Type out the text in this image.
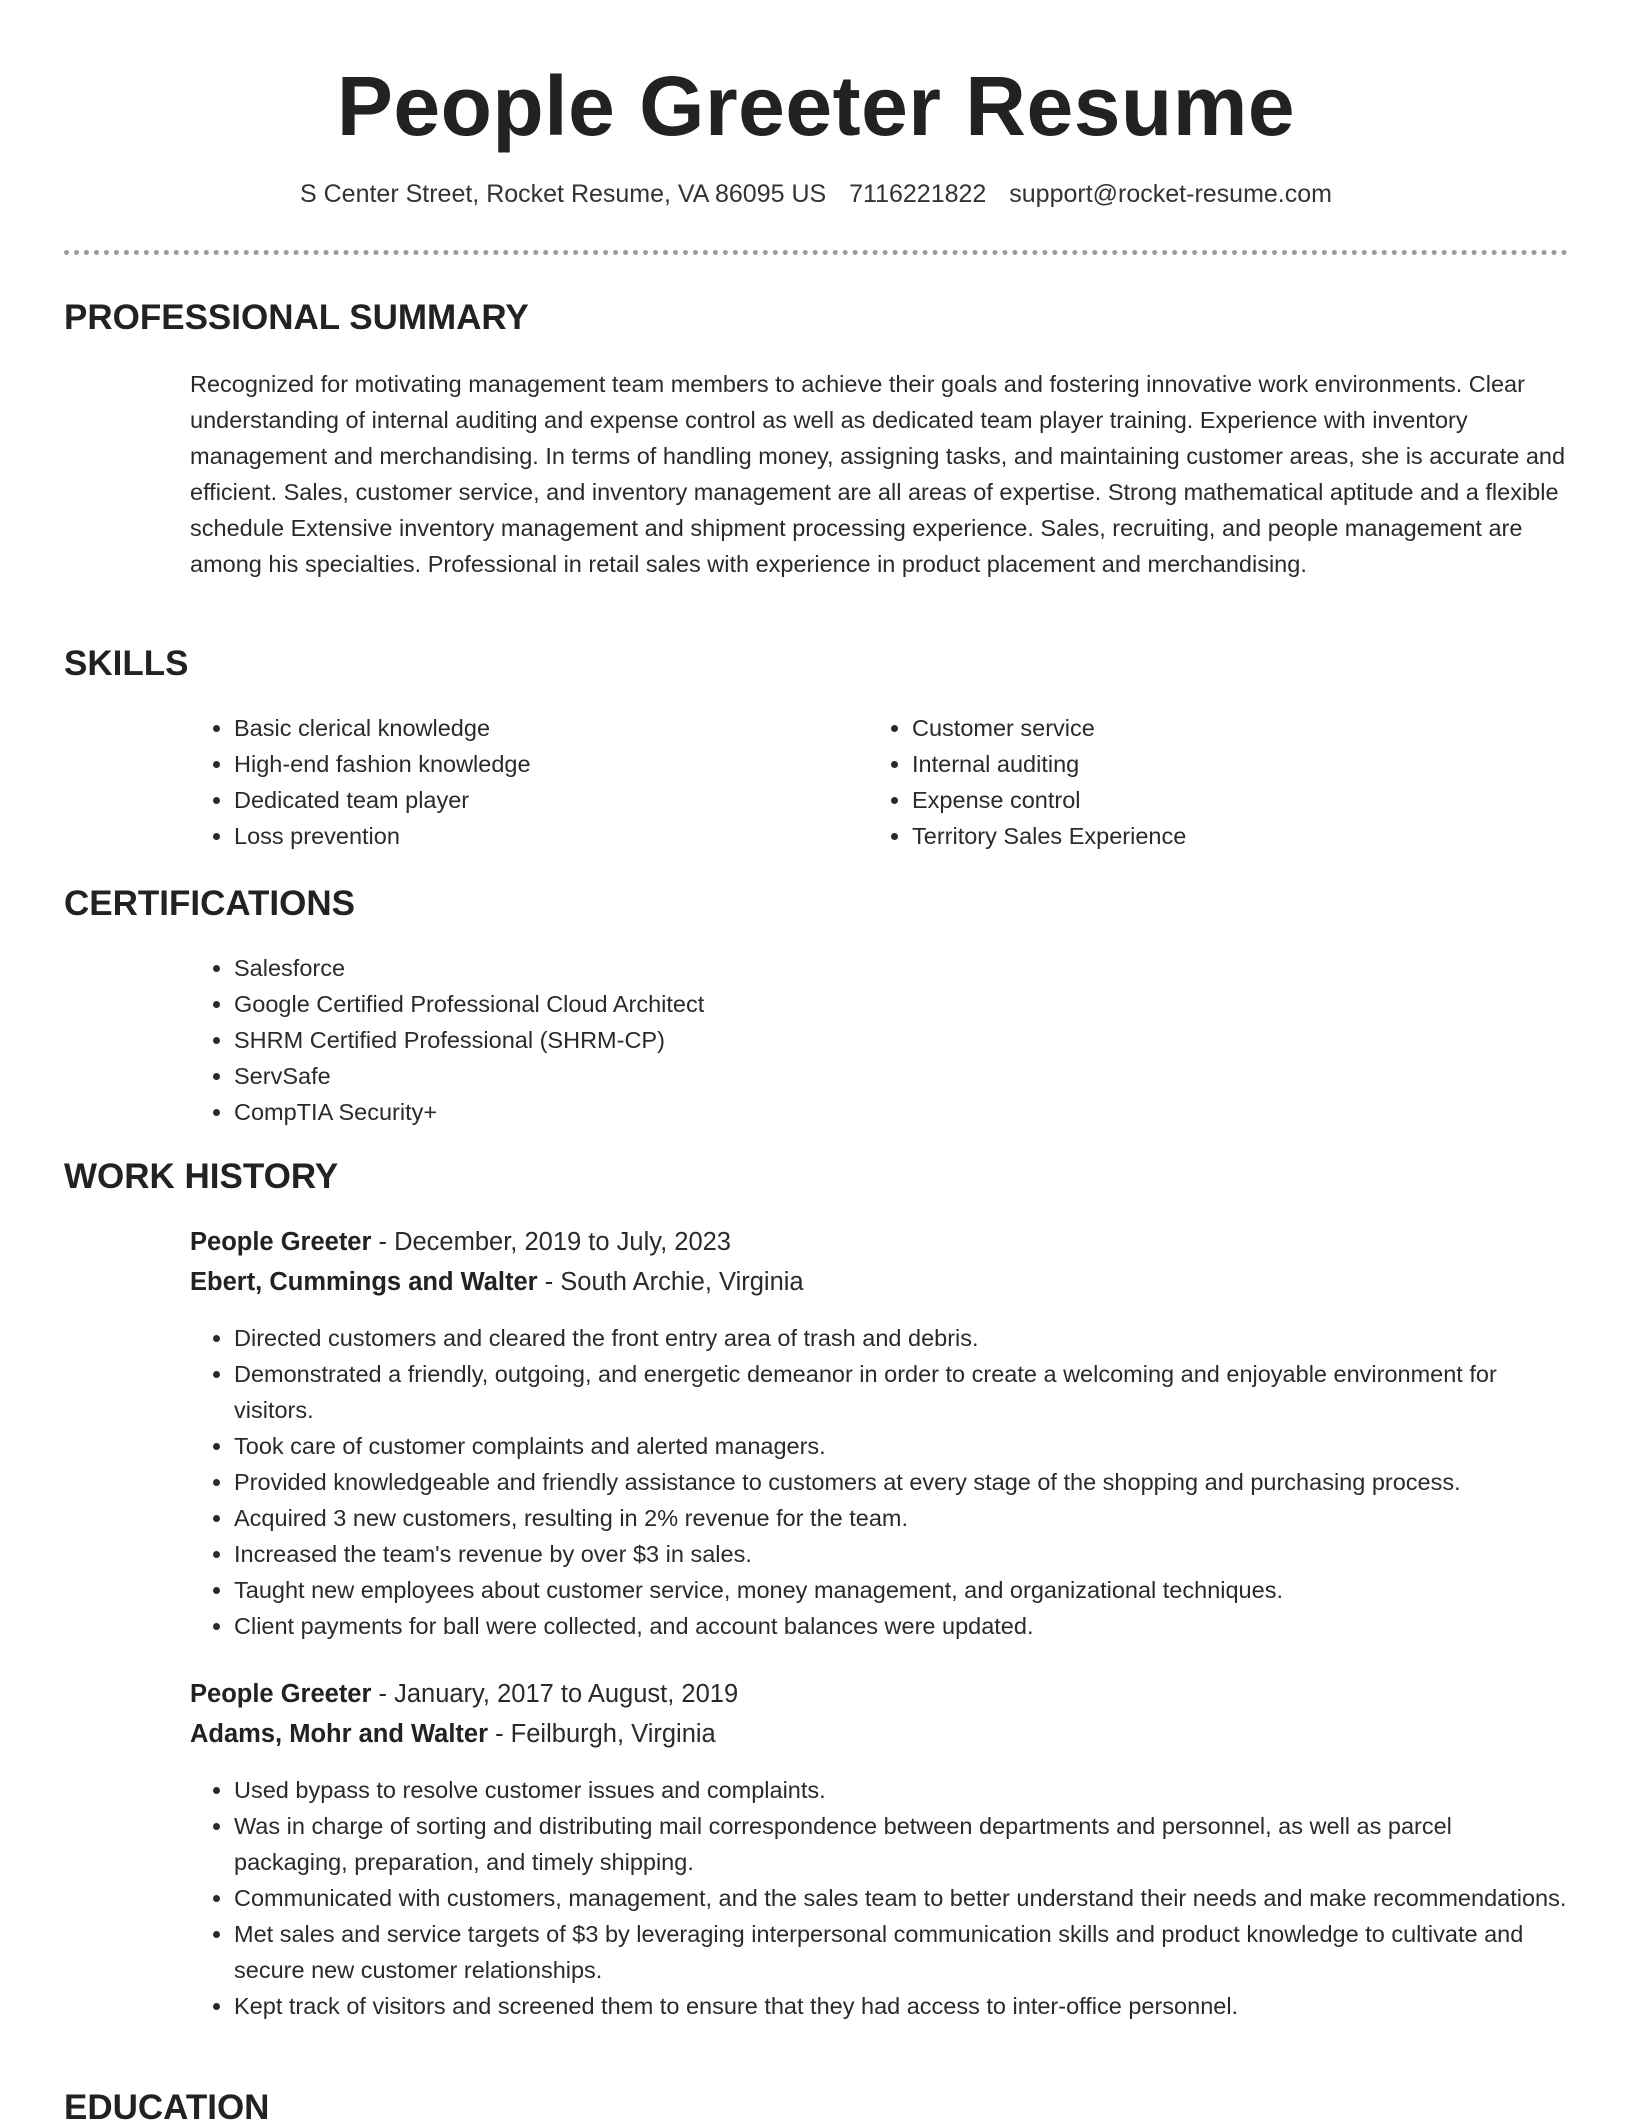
People Greeter Resume
S Center Street, Rocket Resume, VA 86095 US 7116221822 support@rocket-resume.com
PROFESSIONAL SUMMARY

Recognized for motivating management team members to achieve their goals and fostering innovative work environments. Clear understanding of internal auditing and expense control as well as dedicated team player training. Experience with inventory management and merchandising. In terms of handling money, assigning tasks, and maintaining customer areas, she is accurate and efficient. Sales, customer service, and inventory management are all areas of expertise. Strong mathematical aptitude and a flexible schedule Extensive inventory management and shipment processing experience. Sales, recruiting, and people management are among his specialties. Professional in retail sales with experience in product placement and merchandising.

SKILLS
• Basic clerical knowledge
• High-end fashion knowledge
• Dedicated team player
• Loss prevention
• Customer service
• Internal auditing
• Expense control
• Territory Sales Experience
CERTIFICATIONS
• Salesforce
• Google Certified Professional Cloud Architect
• SHRM Certified Professional (SHRM-CP)
• ServSafe
• CompTIA Security+
WORK HISTORY

People Greeter - December, 2019 to July, 2023

Ebert, Cummings and Walter - South Archie, Virginia

• Directed customers and cleared the front entry area of trash and debris.
• Demonstrated a friendly, outgoing, and energetic demeanor in order to create a welcoming and enjoyable environment for visitors.
• Took care of customer complaints and alerted managers.
• Provided knowledgeable and friendly assistance to customers at every stage of the shopping and purchasing process.
• Acquired 3 new customers, resulting in 2% revenue for the team.
• Increased the team's revenue by over $3 in sales.
• Taught new employees about customer service, money management, and organizational techniques.
• Client payments for ball were collected, and account balances were updated.

People Greeter - January, 2017 to August, 2019

Adams, Mohr and Walter - Feilburgh, Virginia

• Used bypass to resolve customer issues and complaints.
• Was in charge of sorting and distributing mail correspondence between departments and personnel, as well as parcel packaging, preparation, and timely shipping.
• Communicated with customers, management, and the sales team to better understand their needs and make recommendations.
• Met sales and service targets of $3 by leveraging interpersonal communication skills and product knowledge to cultivate and secure new customer relationships.
• Kept track of visitors and screened them to ensure that they had access to inter-office personnel.
EDUCATION
